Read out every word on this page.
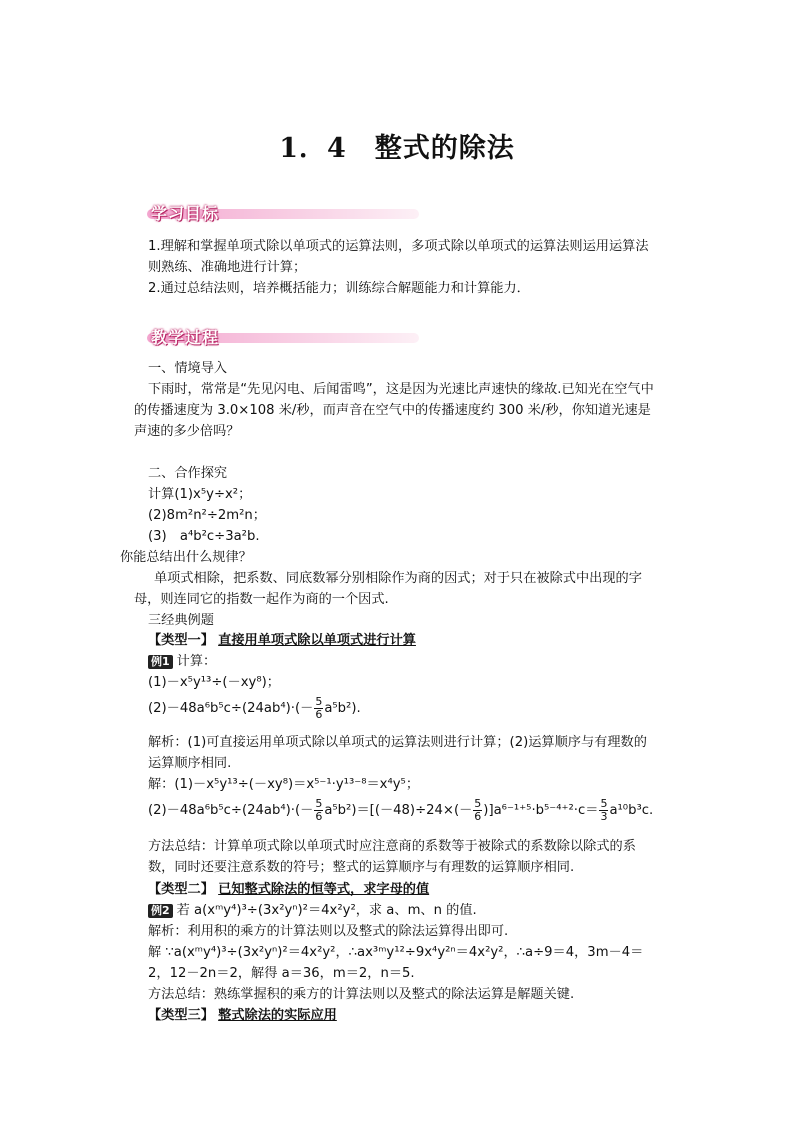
1．4　整式的除法
学习目标
1.理解和掌握单项式除以单项式的运算法则，多项式除以单项式的运算法则运用运算法则熟练、准确地进行计算；
2.通过总结法则，培养概括能力；训练综合解题能力和计算能力．
教学过程
一、情境导入
下雨时，常常是“先见闪电、后闻雷鸣”，这是因为光速比声速快的缘故.已知光在空气中的传播速度为 3.0×108 米/秒，而声音在空气中的传播速度约 300 米/秒，你知道光速是声速的多少倍吗？
二、合作探究
计算(1)x⁵y÷x²；
(2)8m²n²÷2m²n；
(3)　a⁴b²c÷3a²b.
你能总结出什么规律？
单项式相除，把系数、同底数幂分别相除作为商的因式；对于只在被除式中出现的字母，则连同它的指数一起作为商的一个因式.
三经典例题
【类型一】 直接用单项式除以单项式进行计算
例1 计算：
(1)－x⁵y¹³÷(－xy⁸)；
$(2)-48a^6b^5c\div(24ab^4)\cdot(- \frac{5}{6} a^5b^2)$.
解析：(1)可直接运用单项式除以单项式的运算法则进行计算；(2)运算顺序与有理数的运算顺序相同.
解：(1)－x⁵y¹³÷(－xy⁸)＝x⁵⁻¹·y¹³⁻⁸＝x⁴y⁵；
$(2)-48a^6b^5c\div(24ab^4)\cdot(- \frac{5}{6} a^5b^2)=[(-48)\div 24\times(- \frac{5}{6} )]a^{6-1+5}\cdot b^{5-4+2}\cdot c= \frac{5}{3} a^{10}b^3c$.
方法总结：计算单项式除以单项式时应注意商的系数等于被除式的系数除以除式的系数，同时还要注意系数的符号；整式的运算顺序与有理数的运算顺序相同.
【类型二】 已知整式除法的恒等式，求字母的值
例2 若 a(xᵐy⁴)³÷(3x²yⁿ)²＝4x²y²，求 a、m、n 的值.
解析：利用积的乘方的计算法则以及整式的除法运算得出即可.
解 ∵a(xᵐy⁴)³÷(3x²yⁿ)²＝4x²y²，∴ax³ᵐy¹²÷9x⁴y²ⁿ＝4x²y²，∴a÷9＝4，3m－4＝2，12－2n＝2，解得 a＝36，m＝2，n＝5.
方法总结：熟练掌握积的乘方的计算法则以及整式的除法运算是解题关键.
【类型三】 整式除法的实际应用
